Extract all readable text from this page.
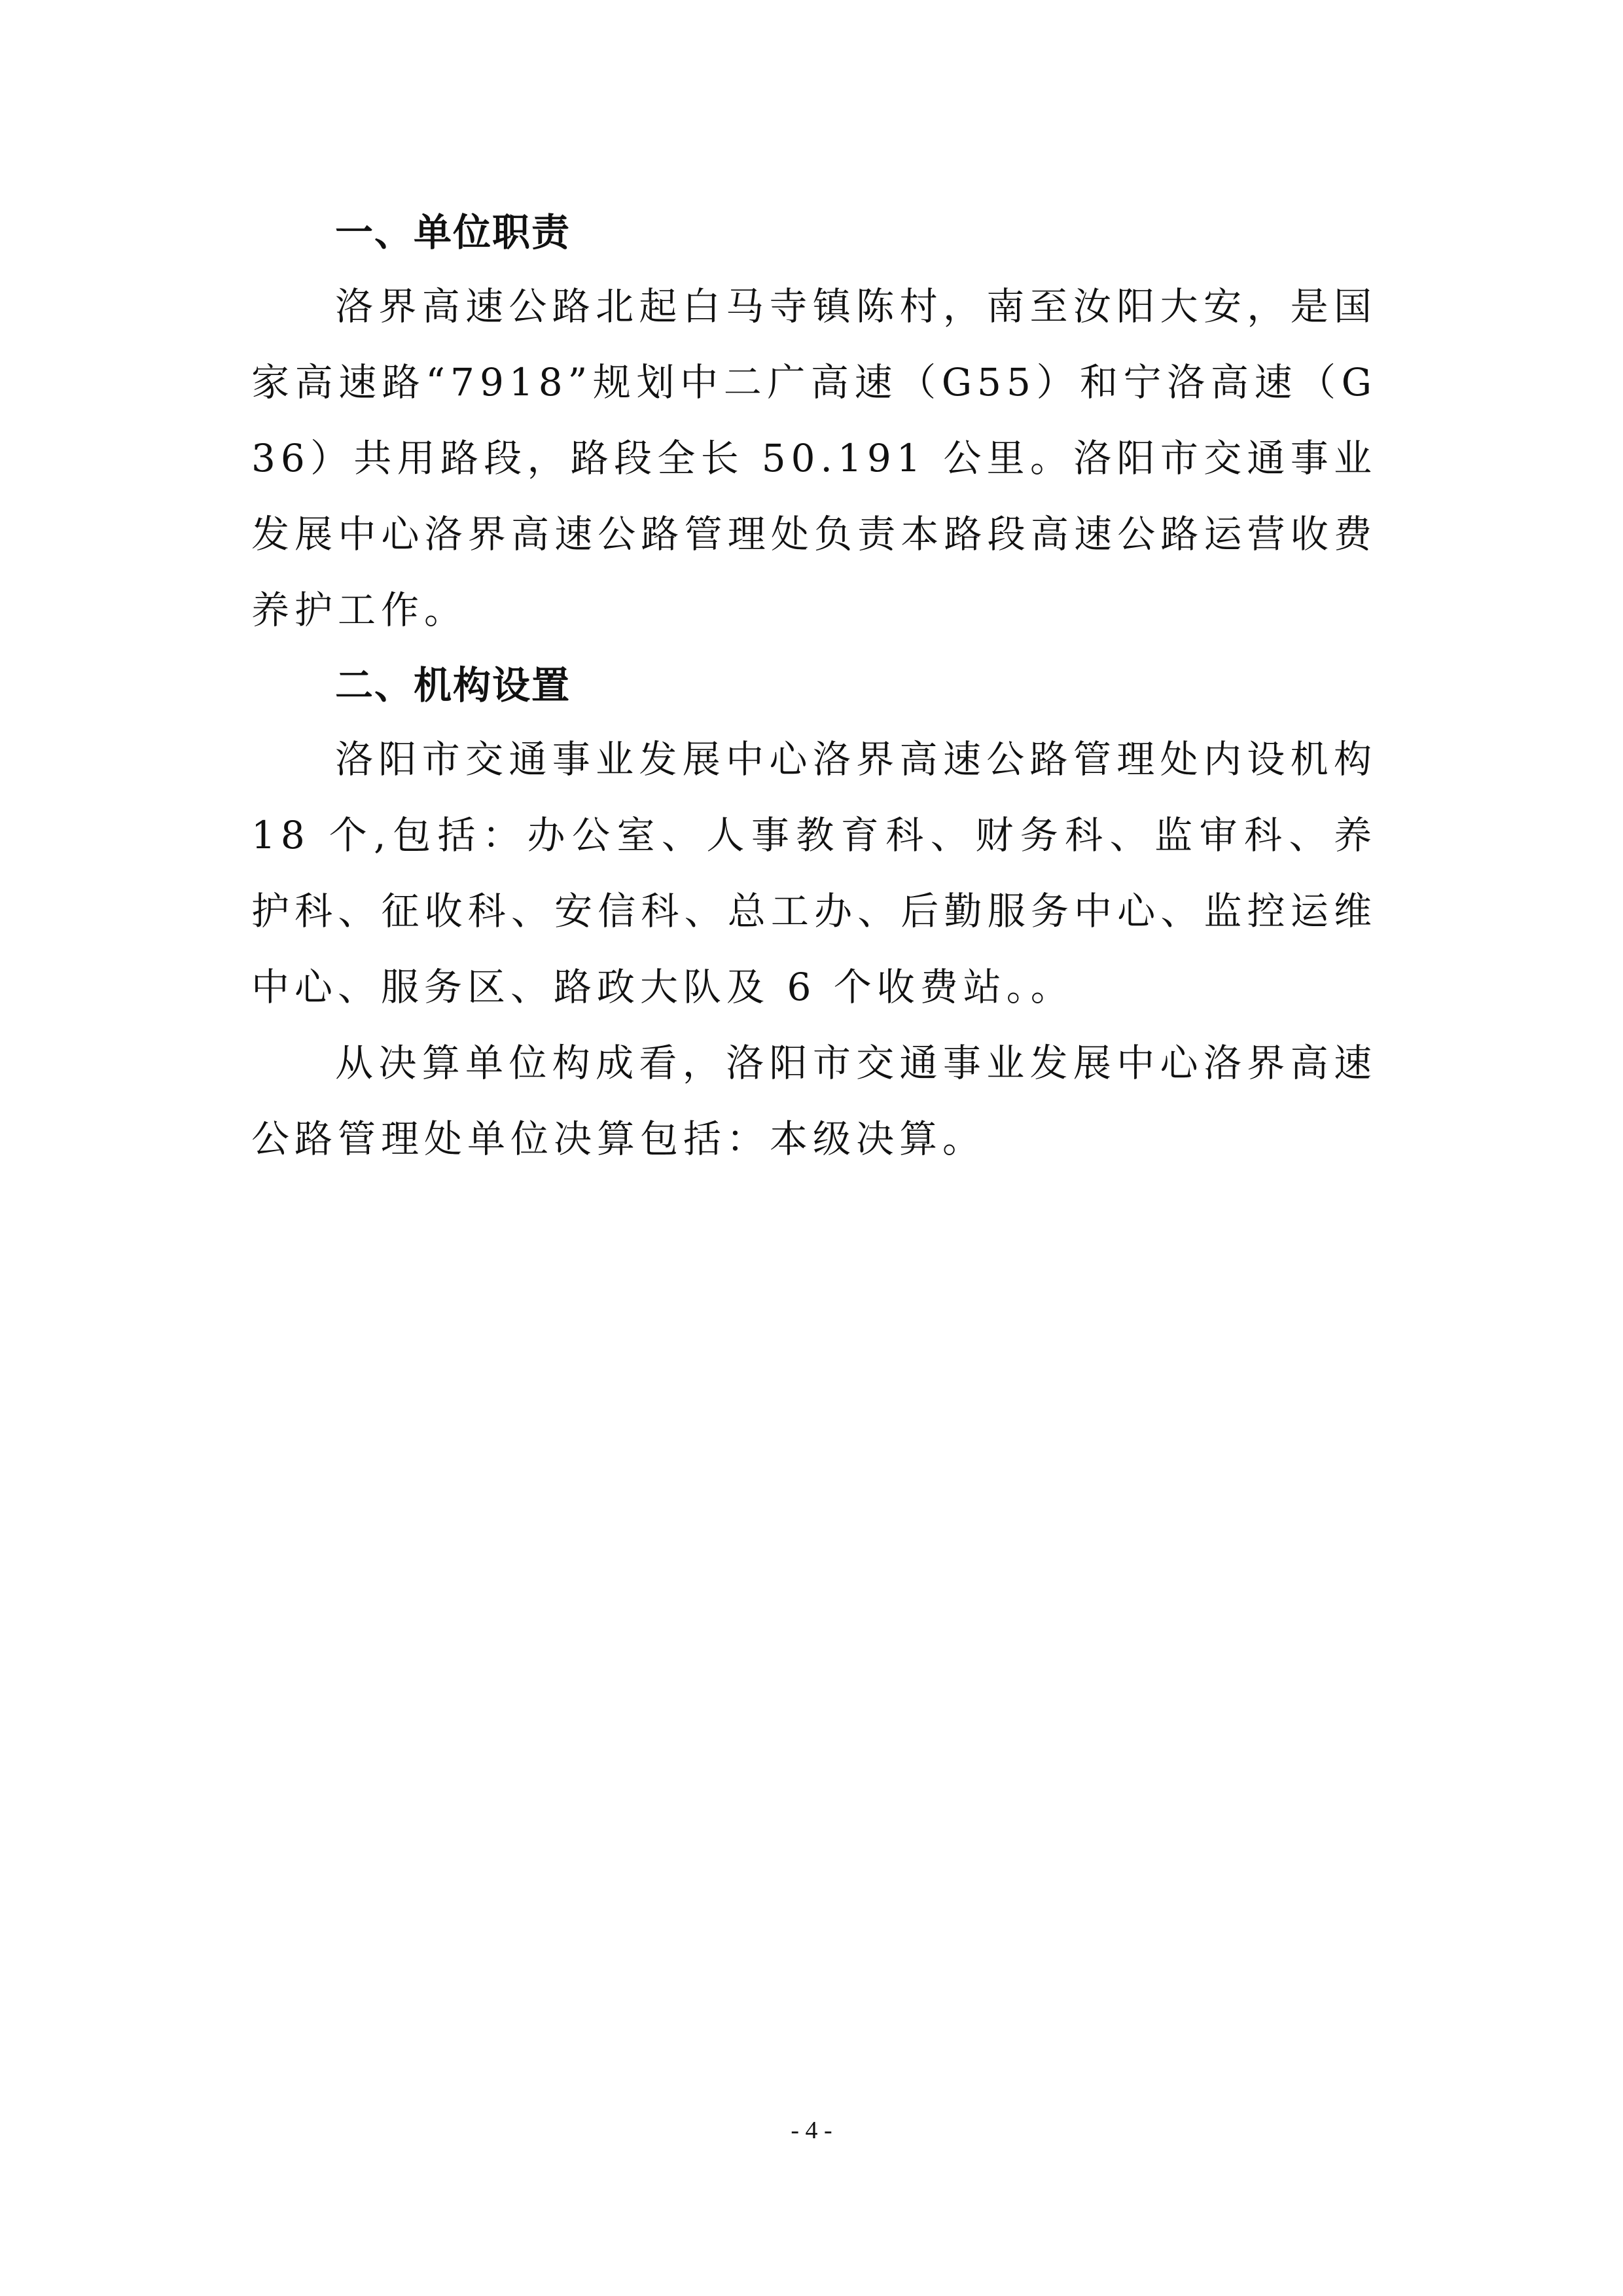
一、单位职责

洛界高速公路北起白马寺镇陈村，南至汝阳大安，是国家高速路“7918”规划中二广高速（G55）和宁洛高速（G36）共用路段，路段全长 50.191 公里。洛阳市交通事业发展中心洛界高速公路管理处负责本路段高速公路运营收费养护工作。

二、机构设置

洛阳市交通事业发展中心洛界高速公路管理处内设机构 18 个,包括：办公室、人事教育科、财务科、监审科、养护科、征收科、安信科、总工办、后勤服务中心、监控运维中心、服务区、路政大队及 6 个收费站。。

从决算单位构成看，洛阳市交通事业发展中心洛界高速公路管理处单位决算包括：本级决算。

- 4 -
